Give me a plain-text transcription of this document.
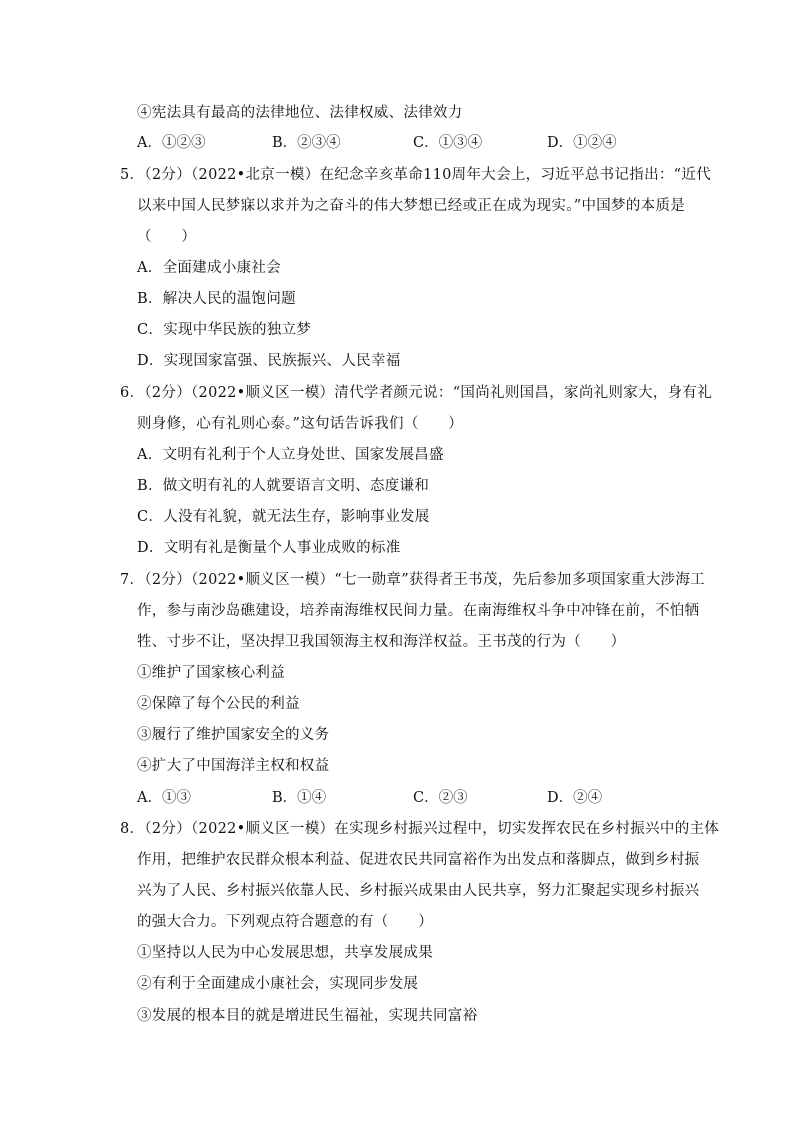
④宪法具有最高的法律地位、法律权威、法律效力
A．①②③	B．②③④	C．①③④	D．①②④
5．（2分）（2022•北京一模）在纪念辛亥革命110周年大会上，习近平总书记指出：“近代
以来中国人民梦寐以求并为之奋斗的伟大梦想已经或正在成为现实。”中国梦的本质是
（　　）
A．全面建成小康社会
B．解决人民的温饱问题
C．实现中华民族的独立梦
D．实现国家富强、民族振兴、人民幸福
6．（2分）（2022•顺义区一模）清代学者颜元说：“国尚礼则国昌，家尚礼则家大，身有礼
则身修，心有礼则心泰。”这句话告诉我们（　　）
A．文明有礼利于个人立身处世、国家发展昌盛
B．做文明有礼的人就要语言文明、态度谦和
C．人没有礼貌，就无法生存，影响事业发展
D．文明有礼是衡量个人事业成败的标准
7．（2分）（2022•顺义区一模）“七一勋章”获得者王书茂，先后参加多项国家重大涉海工
作，参与南沙岛礁建设，培养南海维权民间力量。在南海维权斗争中冲锋在前，不怕牺
牲、寸步不让，坚决捍卫我国领海主权和海洋权益。王书茂的行为（　　）
①维护了国家核心利益
②保障了每个公民的利益
③履行了维护国家安全的义务
④扩大了中国海洋主权和权益
A．①③	B．①④	C．②③	D．②④
8．（2分）（2022•顺义区一模）在实现乡村振兴过程中，切实发挥农民在乡村振兴中的主体
作用，把维护农民群众根本利益、促进农民共同富裕作为出发点和落脚点，做到乡村振
兴为了人民、乡村振兴依靠人民、乡村振兴成果由人民共享，努力汇聚起实现乡村振兴
的强大合力。下列观点符合题意的有（　　）
①坚持以人民为中心发展思想，共享发展成果
②有利于全面建成小康社会，实现同步发展
③发展的根本目的就是增进民生福祉，实现共同富裕
